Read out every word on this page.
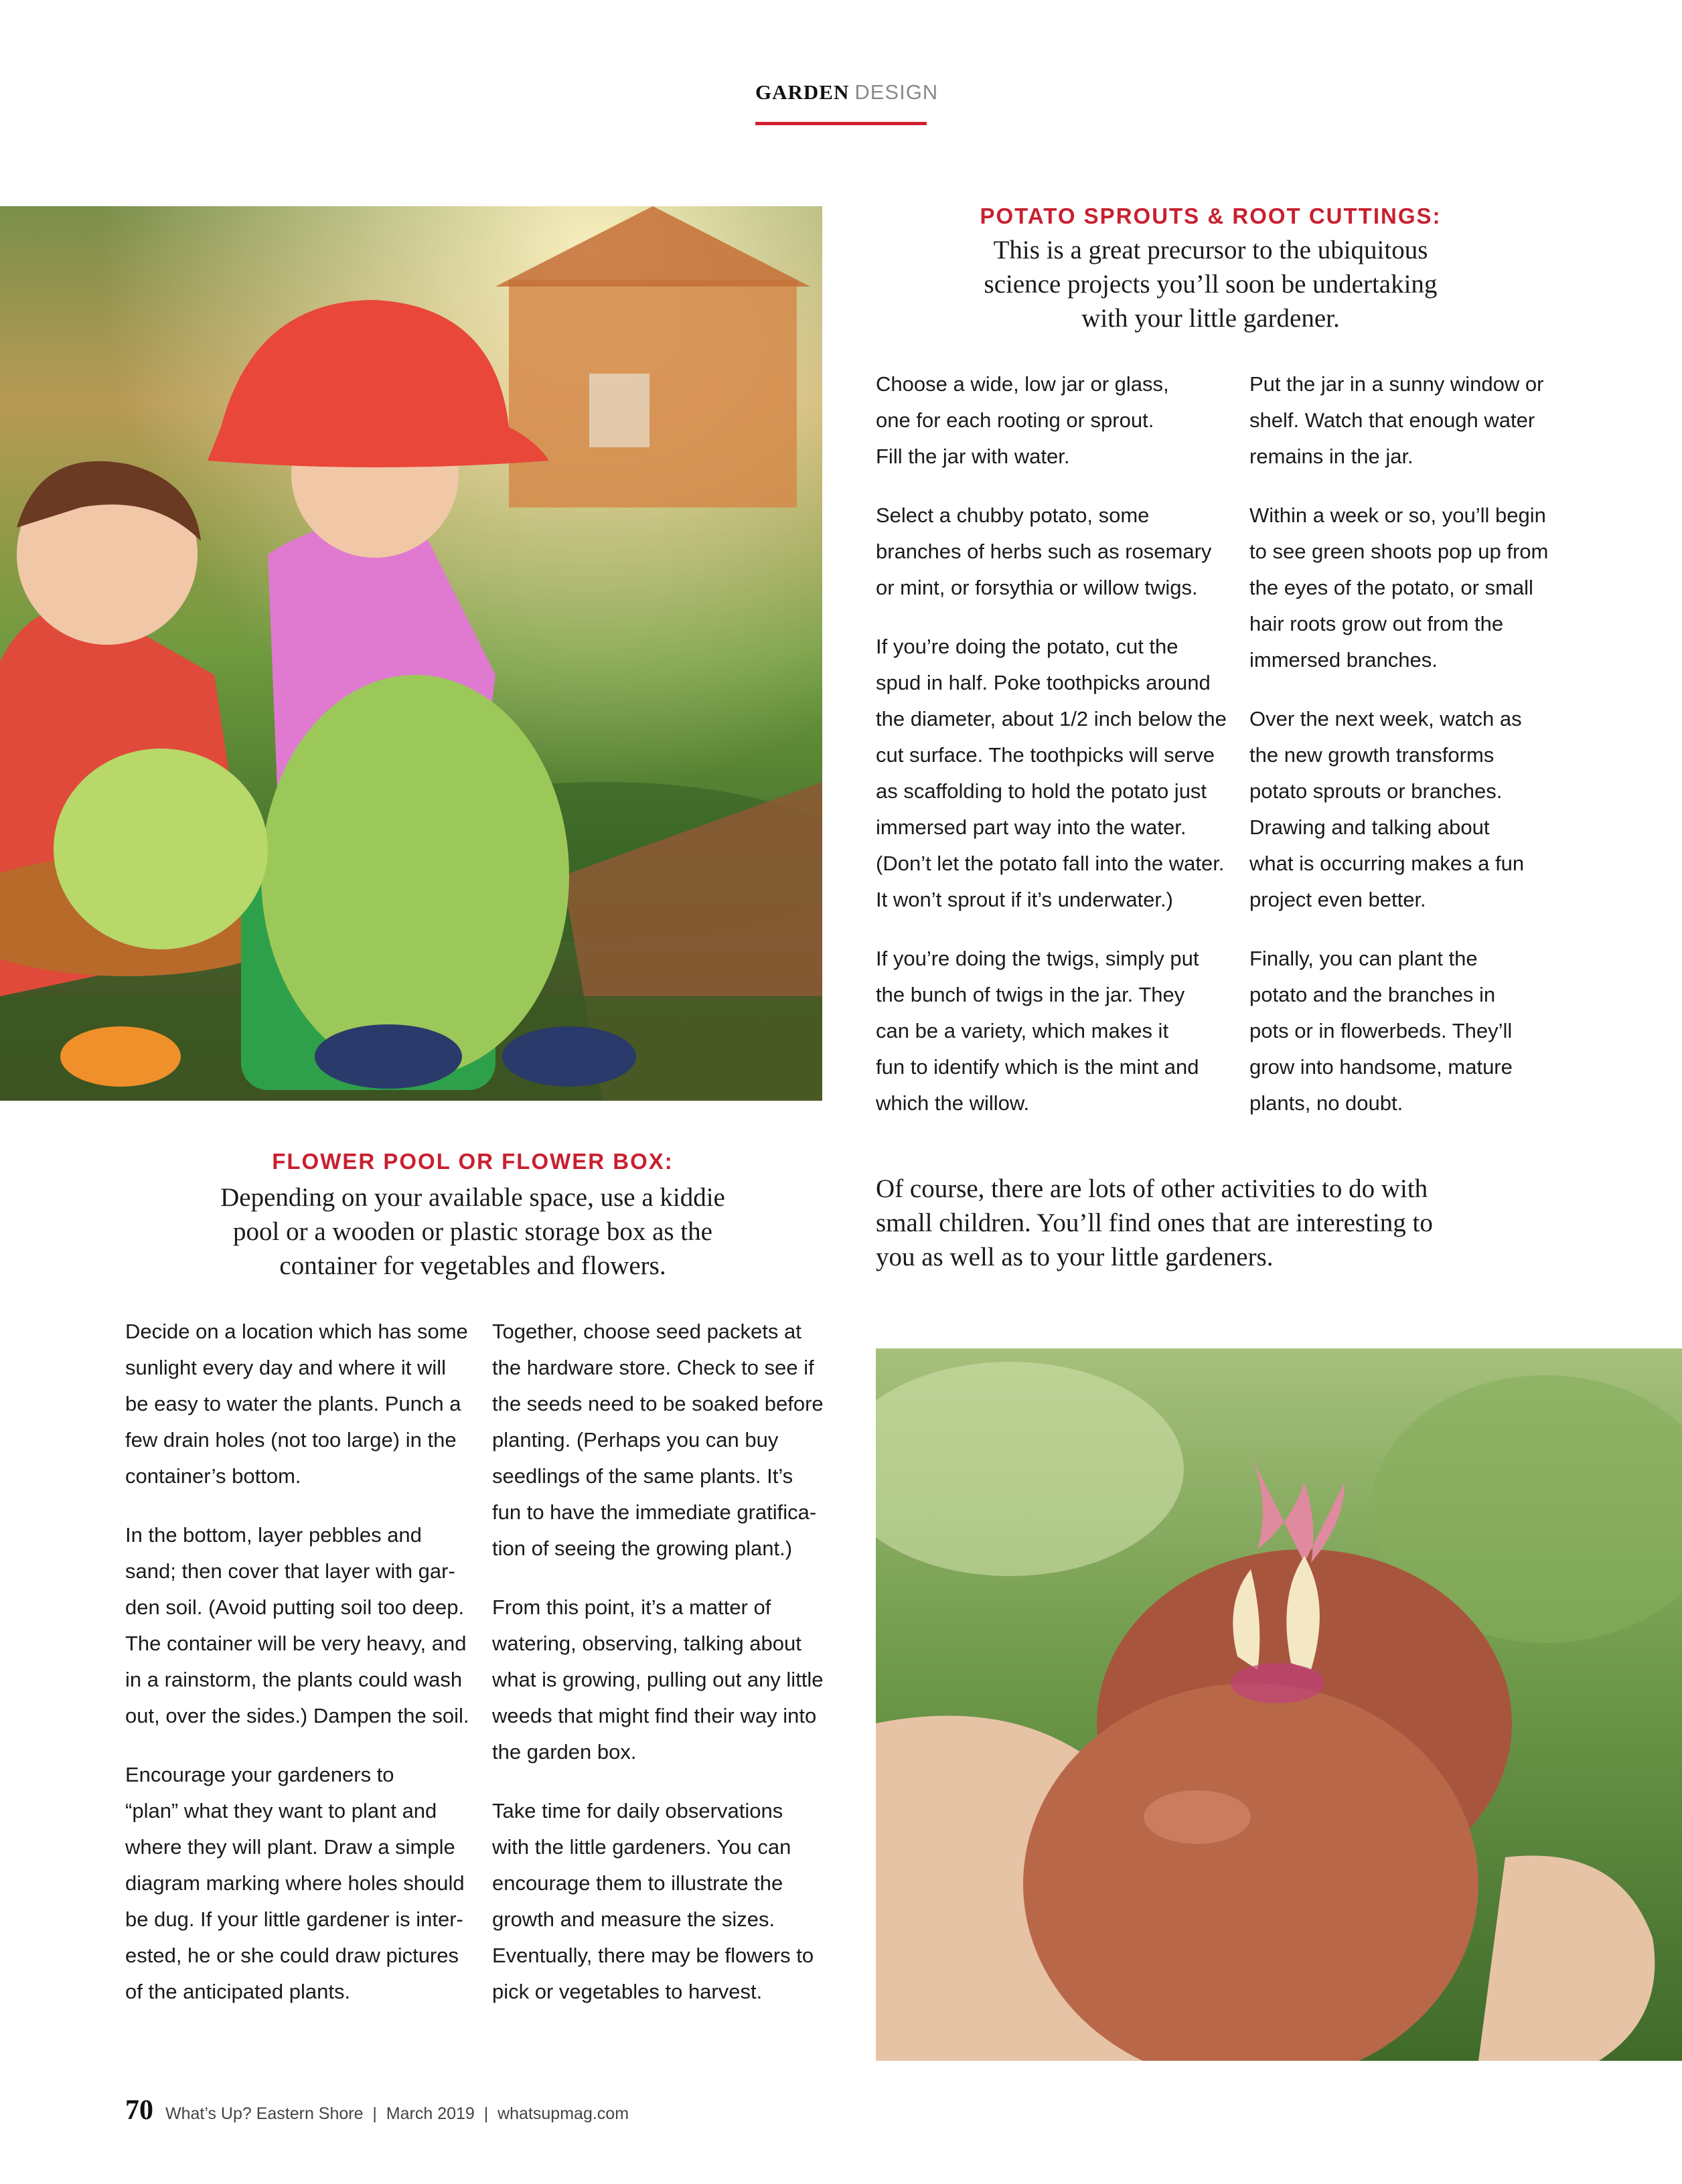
GARDEN DESIGN
POTATO SPROUTS & ROOT CUTTINGS:
This is a great precursor to the ubiquitous
science projects you’ll soon be undertaking
with your little gardener.

Choose a wide, low jar or glass,
one for each rooting or sprout.
Fill the jar with water.

Select a chubby potato, some
branches of herbs such as rosemary
or mint, or forsythia or willow twigs.

If you’re doing the potato, cut the
spud in half. Poke toothpicks around
the diameter, about 1/2 inch below the
cut surface. The toothpicks will serve
as scaffolding to hold the potato just
immersed part way into the water.
(Don’t let the potato fall into the water.
It won’t sprout if it’s underwater.)

If you’re doing the twigs, simply put
the bunch of twigs in the jar. They
can be a variety, which makes it
fun to identify which is the mint and
which the willow.

Put the jar in a sunny window or
shelf. Watch that enough water
remains in the jar.

Within a week or so, you’ll begin
to see green shoots pop up from
the eyes of the potato, or small
hair roots grow out from the
immersed branches.

Over the next week, watch as
the new growth transforms
potato sprouts or branches.
Drawing and talking about
what is occurring makes a fun
project even better.

Finally, you can plant the
potato and the branches in
pots or in flowerbeds. They’ll
grow into handsome, mature
plants, no doubt.

FLOWER POOL OR FLOWER BOX:
Depending on your available space, use a kiddie
pool or a wooden or plastic storage box as the
container for vegetables and flowers.

Decide on a location which has some
sunlight every day and where it will
be easy to water the plants. Punch a
few drain holes (not too large) in the
container’s bottom.

In the bottom, layer pebbles and
sand; then cover that layer with gar-
den soil. (Avoid putting soil too deep.
The container will be very heavy, and
in a rainstorm, the plants could wash
out, over the sides.) Dampen the soil.

Encourage your gardeners to
“plan” what they want to plant and
where they will plant. Draw a simple
diagram marking where holes should
be dug. If your little gardener is inter-
ested, he or she could draw pictures
of the anticipated plants.

Together, choose seed packets at
the hardware store. Check to see if
the seeds need to be soaked before
planting. (Perhaps you can buy
seedlings of the same plants. It’s
fun to have the immediate gratifica-
tion of seeing the growing plant.)

From this point, it’s a matter of
watering, observing, talking about
what is growing, pulling out any little
weeds that might find their way into
the garden box.

Take time for daily observations
with the little gardeners. You can
encourage them to illustrate the
growth and measure the sizes.
Eventually, there may be flowers to
pick or vegetables to harvest.

Of course, there are lots of other activities to do with
small children. You’ll find ones that are interesting to
you as well as to your little gardeners.
70 What’s Up? Eastern Shore  |  March 2019  |  whatsupmag.com
